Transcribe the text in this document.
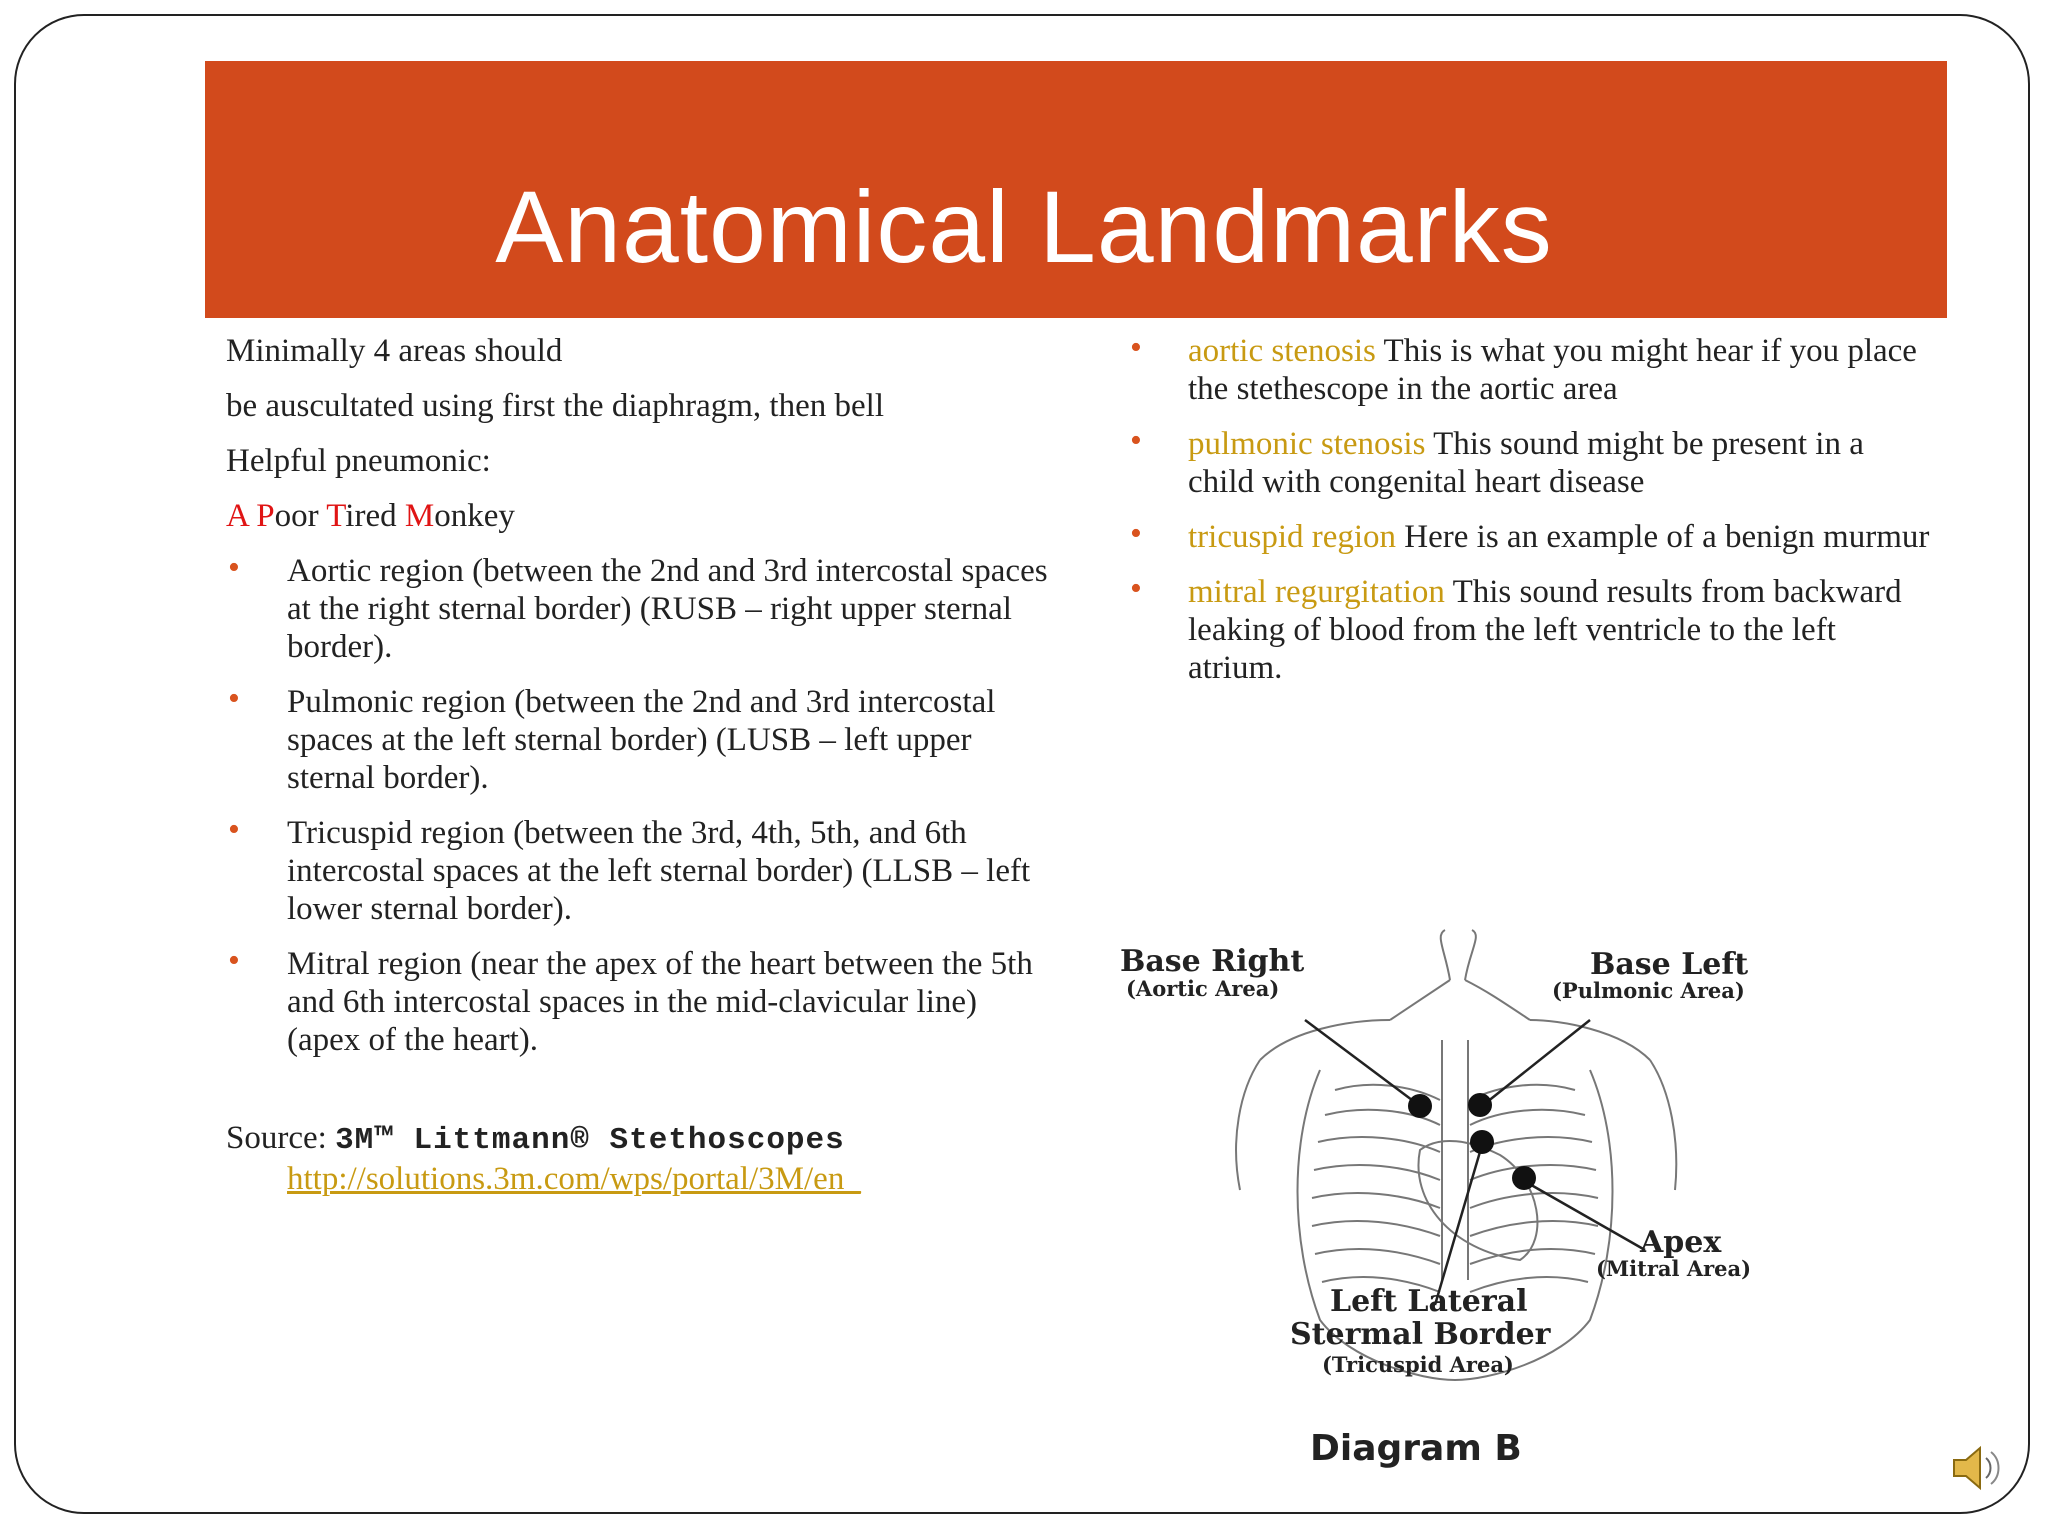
Anatomical Landmarks

Minimally 4 areas should

be auscultated using first the diaphragm, then bell

Helpful pneumonic:

A Poor Tired Monkey

• Aortic region (between the 2nd and 3rd intercostal spaces at the right sternal border) (RUSB – right upper sternal border).
• Pulmonic region (between the 2nd and 3rd intercostal spaces at the left sternal border) (LUSB – left upper sternal border).
• Tricuspid region (between the 3rd, 4th, 5th, and 6th intercostal spaces at the left sternal border) (LLSB – left lower sternal border).
• Mitral region (near the apex of the heart between the 5th and 6th intercostal spaces in the mid-clavicular line) (apex of the heart).
Source: 3M™ Littmann® Stethoscopes
http://solutions.3m.com/wps/portal/3M/en_
• aortic stenosis This is what you might hear if you place the stethescope in the aortic area
• pulmonic stenosis This sound might be present in a child with congenital heart disease
• tricuspid region Here is an example of a benign murmur
• mitral regurgitation This sound results from backward leaking of blood from the left ventricle to the left atrium.
Base Right
(Aortic Area)
Base Left
(Pulmonic Area)
Apex
(Mitral Area)
Left Lateral
Stermal Border
(Tricuspid Area)
Diagram B
